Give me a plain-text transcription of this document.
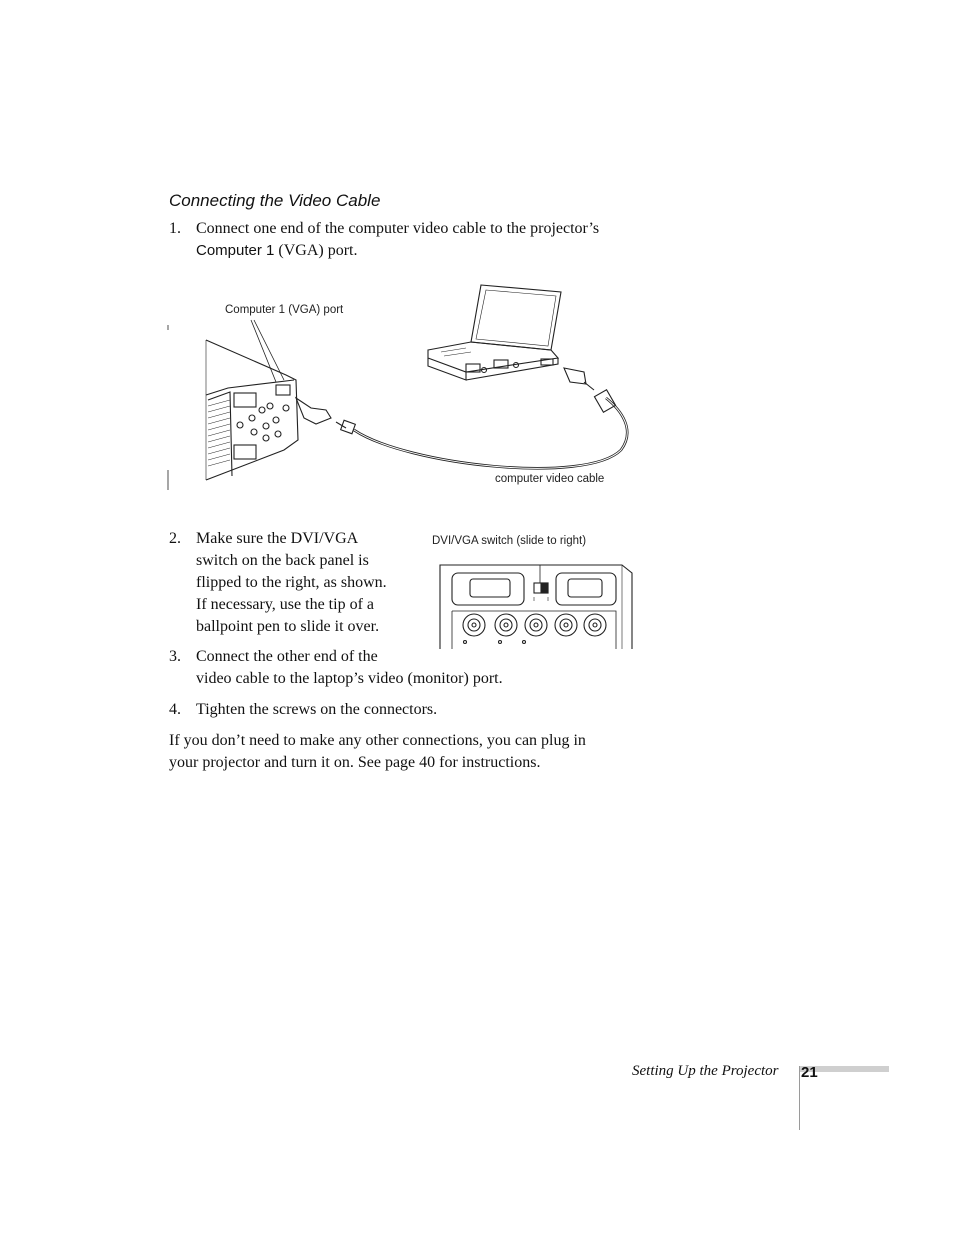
Connecting the Video Cable
1. Connect one end of the computer video cable to the projector’s
Computer 1 (VGA) port.
Computer 1 (VGA) port
computer video cable
2. Make sure the DVI/VGA
switch on the back panel is
flipped to the right, as shown.
If necessary, use the tip of a
ballpoint pen to slide it over.
DVI/VGA switch (slide to right)
3. Connect the other end of the
video cable to the laptop’s video (monitor) port.
4. Tighten the screws on the connectors.
If you don’t need to make any other connections, you can plug in
your projector and turn it on. See page 40 for instructions.
Setting Up the Projector 21
